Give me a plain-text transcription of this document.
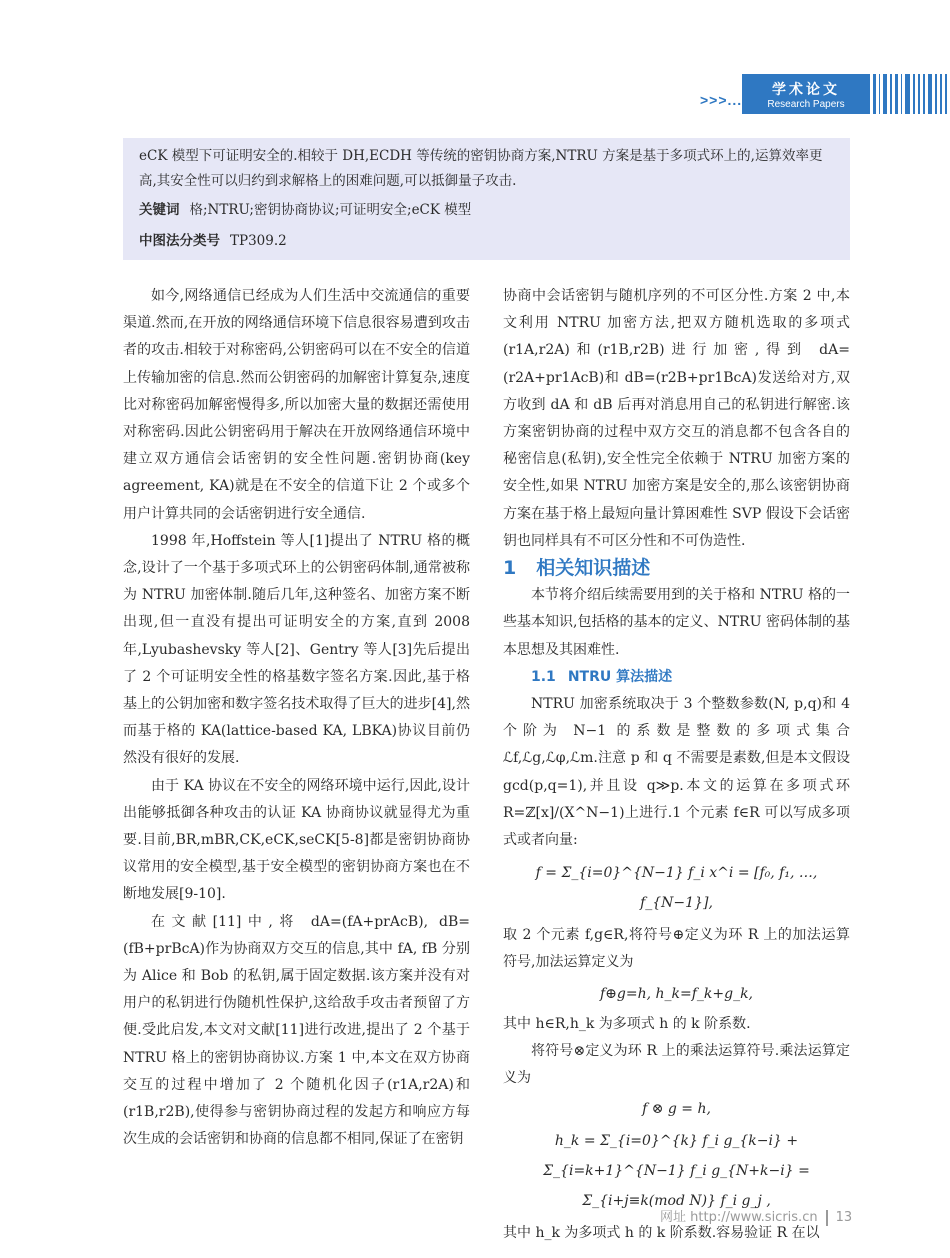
>>>...
学术论文
Research Papers
eCK 模型下可证明安全的.相较于 DH,ECDH 等传统的密钥协商方案,NTRU 方案是基于多项式环上的,运算效率更高,其安全性可以归约到求解格上的困难问题,可以抵御量子攻击.
关键词 格;NTRU;密钥协商协议;可证明安全;eCK 模型
中图法分类号 TP309.2

如今,网络通信已经成为人们生活中交流通信的重要渠道.然而,在开放的网络通信环境下信息很容易遭到攻击者的攻击.相较于对称密码,公钥密码可以在不安全的信道上传输加密的信息.然而公钥密码的加解密计算复杂,速度比对称密码加解密慢得多,所以加密大量的数据还需使用对称密码.因此公钥密码用于解决在开放网络通信环境中建立双方通信会话密钥的安全性问题.密钥协商(key agreement, KA)就是在不安全的信道下让 2 个或多个用户计算共同的会话密钥进行安全通信.

1998 年,Hoffstein 等人[1]提出了 NTRU 格的概念,设计了一个基于多项式环上的公钥密码体制,通常被称为 NTRU 加密体制.随后几年,这种签名、加密方案不断出现,但一直没有提出可证明安全的方案,直到 2008 年,Lyubashevsky 等人[2]、Gentry 等人[3]先后提出了 2 个可证明安全性的格基数字签名方案.因此,基于格基上的公钥加密和数字签名技术取得了巨大的进步[4],然而基于格的 KA(lattice-based KA, LBKA)协议目前仍然没有很好的发展.

由于 KA 协议在不安全的网络环境中运行,因此,设计出能够抵御各种攻击的认证 KA 协商协议就显得尤为重要.目前,BR,mBR,CK,eCK,seCK[5-8]都是密钥协商协议常用的安全模型,基于安全模型的密钥协商方案也在不断地发展[9-10].

在文献[11]中,将 dA=(fA+prAcB), dB=(fB+prBcA)作为协商双方交互的信息,其中 fA, fB 分别为 Alice 和 Bob 的私钥,属于固定数据.该方案并没有对用户的私钥进行伪随机性保护,这给敌手攻击者预留了方便.受此启发,本文对文献[11]进行改进,提出了 2 个基于 NTRU 格上的密钥协商协议.方案 1 中,本文在双方协商交互的过程中增加了 2 个随机化因子(r1A,r2A)和(r1B,r2B),使得参与密钥协商过程的发起方和响应方每次生成的会话密钥和协商的信息都不相同,保证了在密钥

协商中会话密钥与随机序列的不可区分性.方案 2 中,本文利用 NTRU 加密方法,把双方随机选取的多项式(r1A,r2A)和(r1B,r2B)进行加密,得到 dA=(r2A+pr1AcB)和 dB=(r2B+pr1BcA)发送给对方,双方收到 dA 和 dB 后再对消息用自己的私钥进行解密.该方案密钥协商的过程中双方交互的消息都不包含各自的秘密信息(私钥),安全性完全依赖于 NTRU 加密方案的安全性,如果 NTRU 加密方案是安全的,那么该密钥协商方案在基于格上最短向量计算困难性 SVP 假设下会话密钥也同样具有不可区分性和不可伪造性.

1 相关知识描述

本节将介绍后续需要用到的关于格和 NTRU 格的一些基本知识,包括格的基本的定义、NTRU 密码体制的基本思想及其困难性.

1.1 NTRU 算法描述

NTRU 加密系统取决于 3 个整数参数(N, p,q)和 4 个阶为 N−1 的系数是整数的多项式集合 ℒf,ℒg,ℒφ,ℒm.注意 p 和 q 不需要是素数,但是本文假设 gcd(p,q=1),并且设 q≫p.本文的运算在多项式环 R=ℤ[x]/(X^N−1)上进行.1 个元素 f∈R 可以写成多项式或者向量:

f = Σ_{i=0}^{N−1} f_i x^i = [f₀, f₁, …, f_{N−1}],

取 2 个元素 f,g∈R,将符号⊕定义为环 R 上的加法运算符号,加法运算定义为

f⊕g=h, h_k=f_k+g_k,

其中 h∈R,h_k 为多项式 h 的 k 阶系数.

将符号⊗定义为环 R 上的乘法运算符号.乘法运算定义为

f ⊗ g = h,
h_k = Σ_{i=0}^{k} f_i g_{k−i} + Σ_{i=k+1}^{N−1} f_i g_{N+k−i} = Σ_{i+j≡k(mod N)} f_i g_j ,

其中 h_k 为多项式 h 的 k 阶系数.容易验证 R 在以

网址 http://www.sicris.cn 13
